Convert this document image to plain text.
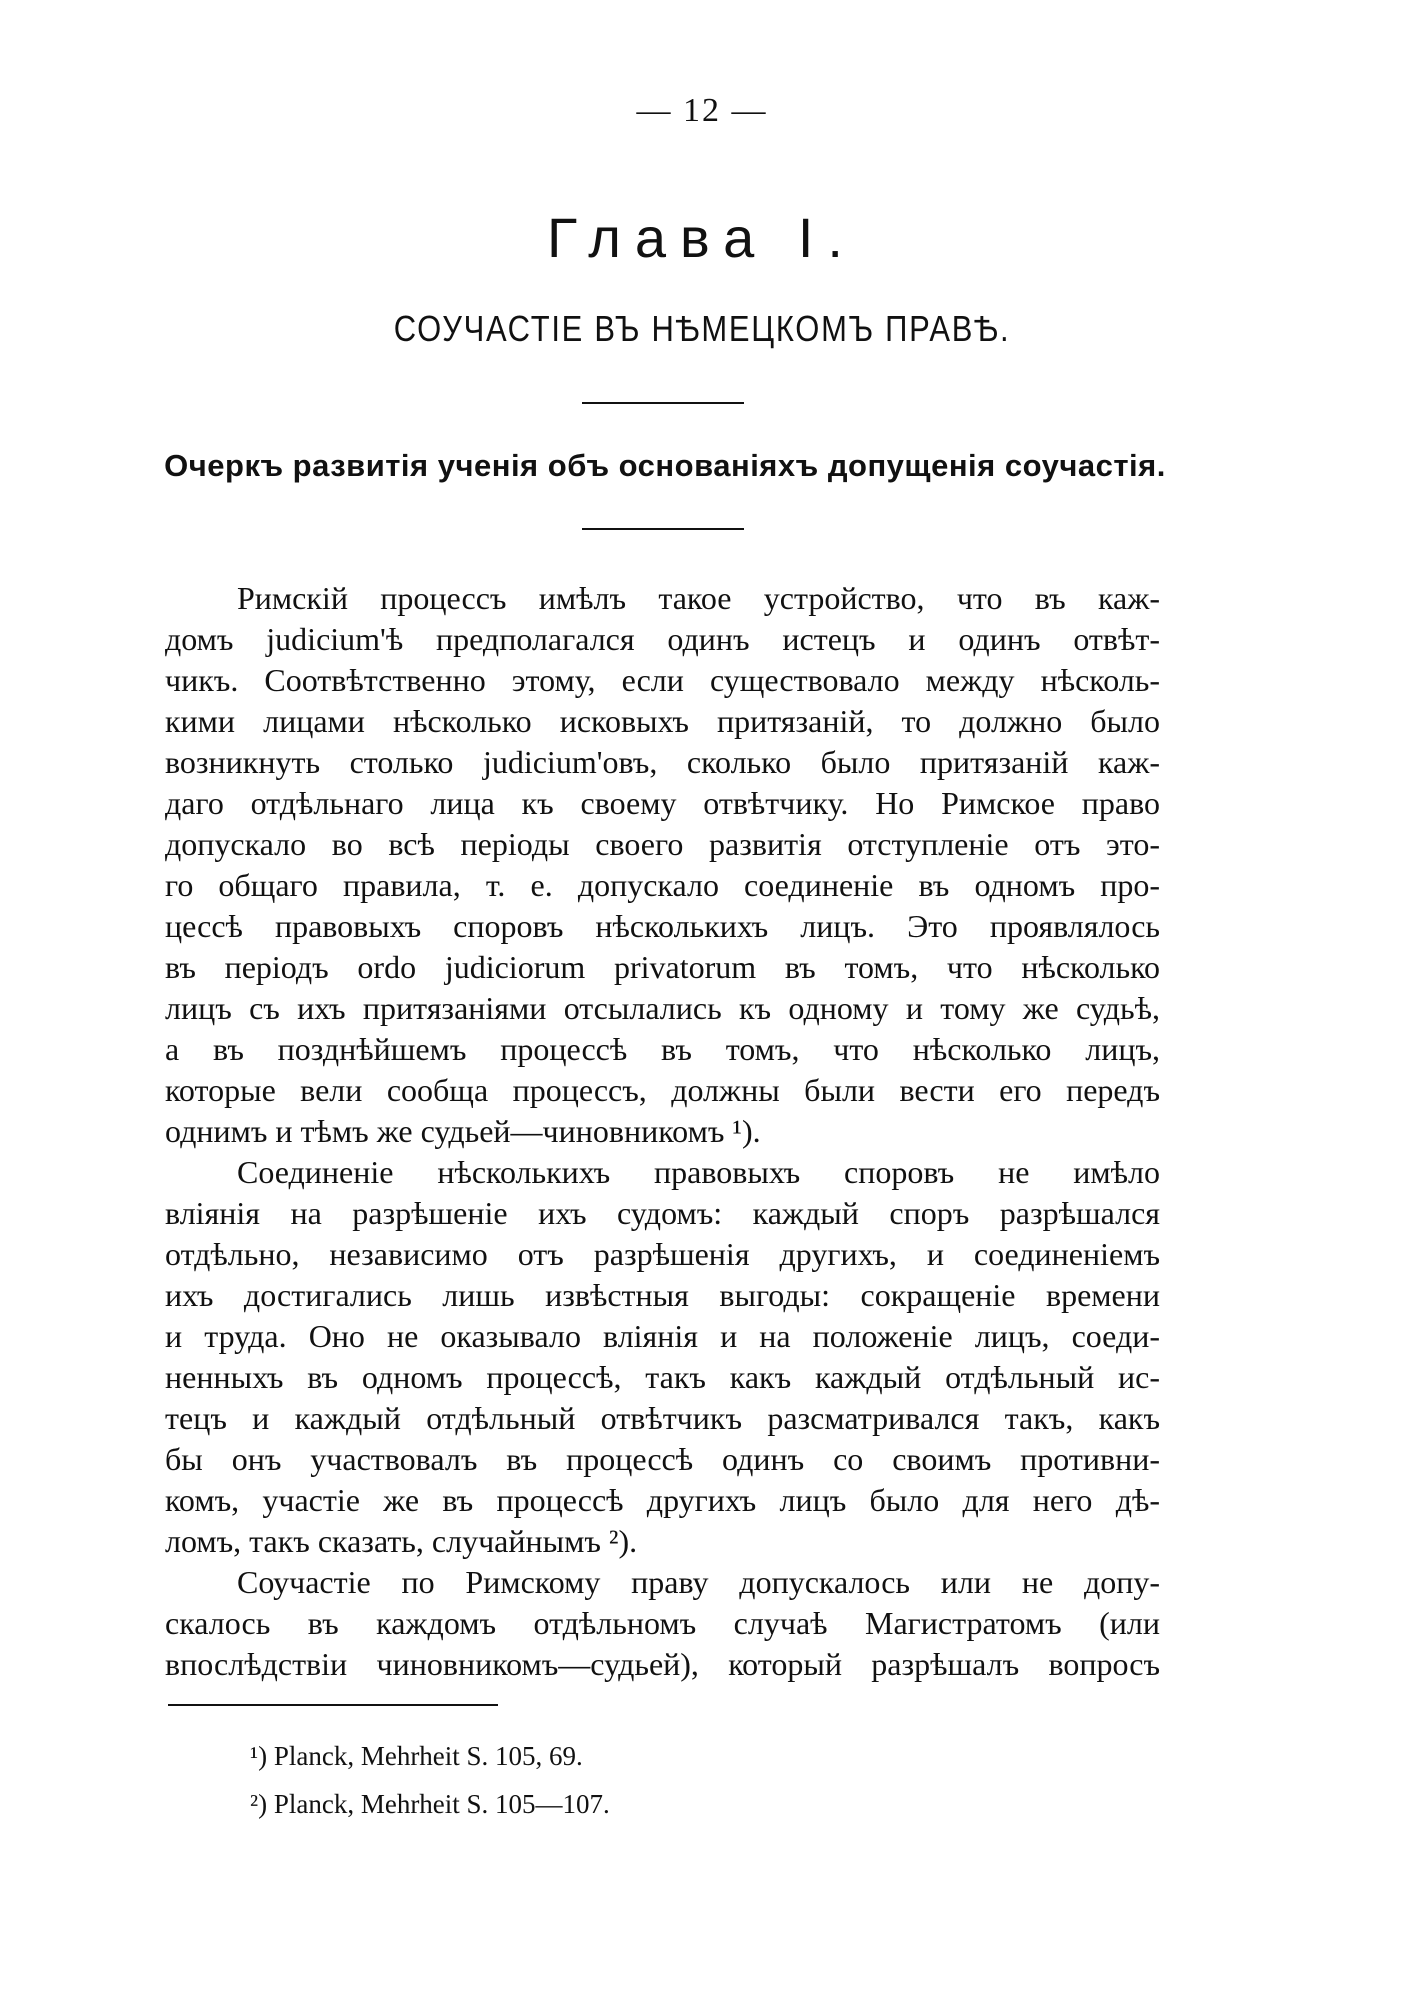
— 12 —
Глава I.
СОУЧАСТІЕ ВЪ НѢМЕЦКОМЪ ПРАВѢ.
Очеркъ развитія ученія объ основаніяхъ допущенія соучастія.
Римскій процессъ имѣлъ такое устройство, что въ каж-
домъ judicium'ѣ предполагался одинъ истецъ и одинъ отвѣт-
чикъ. Соотвѣтственно этому, если существовало между нѣсколь-
кими лицами нѣсколько исковыхъ притязаній, то должно было
возникнуть столько judicium'овъ, сколько было притязаній каж-
даго отдѣльнаго лица къ своему отвѣтчику. Но Римское право
допускало во всѣ періоды своего развитія отступленіе отъ это-
го общаго правила, т. е. допускало соединеніе въ одномъ про-
цессѣ правовыхъ споровъ нѣсколькихъ лицъ. Это проявлялось
въ періодъ ordo judiciorum privatorum въ томъ, что нѣсколько
лицъ съ ихъ притязаніями отсылались къ одному и тому же судьѣ,
а въ позднѣйшемъ процессѣ въ томъ, что нѣсколько лицъ,
которые вели сообща процессъ, должны были вести его передъ
однимъ и тѣмъ же судьей—чиновникомъ ¹).
Соединеніе нѣсколькихъ правовыхъ споровъ не имѣло
вліянія на разрѣшеніе ихъ судомъ: каждый споръ разрѣшался
отдѣльно, независимо отъ разрѣшенія другихъ, и соединеніемъ
ихъ достигались лишь извѣстныя выгоды: сокращеніе времени
и труда. Оно не оказывало вліянія и на положеніе лицъ, соеди-
ненныхъ въ одномъ процессѣ, такъ какъ каждый отдѣльный ис-
тецъ и каждый отдѣльный отвѣтчикъ разсматривался такъ, какъ
бы онъ участвовалъ въ процессѣ одинъ со своимъ противни-
комъ, участіе же въ процессѣ другихъ лицъ было для него дѣ-
ломъ, такъ сказать, случайнымъ ²).
Соучастіе по Римскому праву допускалось или не допу-
скалось въ каждомъ отдѣльномъ случаѣ Магистратомъ (или
впослѣдствіи чиновникомъ—судьей), который разрѣшалъ вопросъ
¹) Planck, Mehrheit S. 105, 69.
²) Planck, Mehrheit S. 105—107.
